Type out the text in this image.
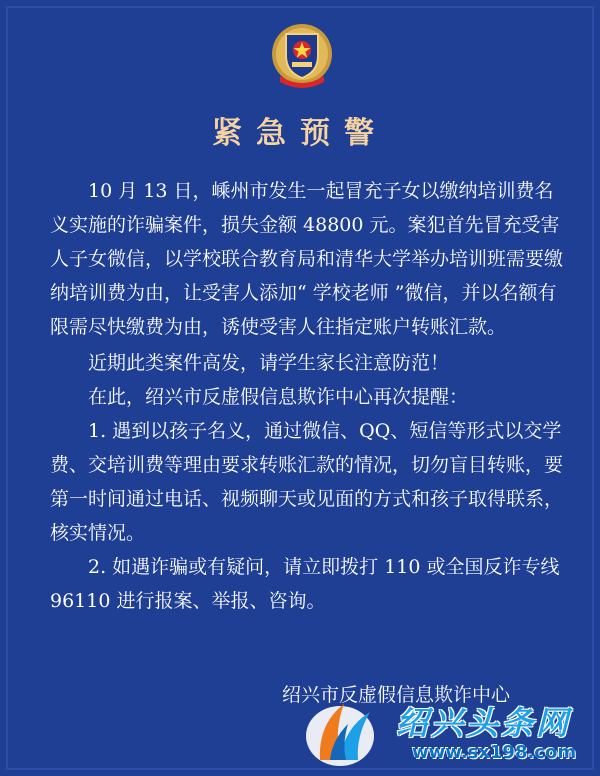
紧急预警

10 月 13 日，嵊州市发生一起冒充子女以缴纳培训费名义实施的诈骗案件，损失金额 48800 元。案犯首先冒充受害人子女微信，以学校联合教育局和清华大学举办培训班需要缴纳培训费为由，让受害人添加“ 学校老师 ”微信，并以名额有限需尽快缴费为由，诱使受害人往指定账户转账汇款。

近期此类案件高发，请学生家长注意防范！

在此，绍兴市反虚假信息欺诈中心再次提醒：

1. 遇到以孩子名义，通过微信、QQ、短信等形式以交学费、交培训费等理由要求转账汇款的情况，切勿盲目转账，要第一时间通过电话、视频聊天或见面的方式和孩子取得联系，核实情况。

2. 如遇诈骗或有疑问，请立即拨打 110 或全国反诈专线 96110 进行报案、举报、咨询。

绍兴市反虚假信息欺诈中心
绍兴头条网
www.sx198.com
